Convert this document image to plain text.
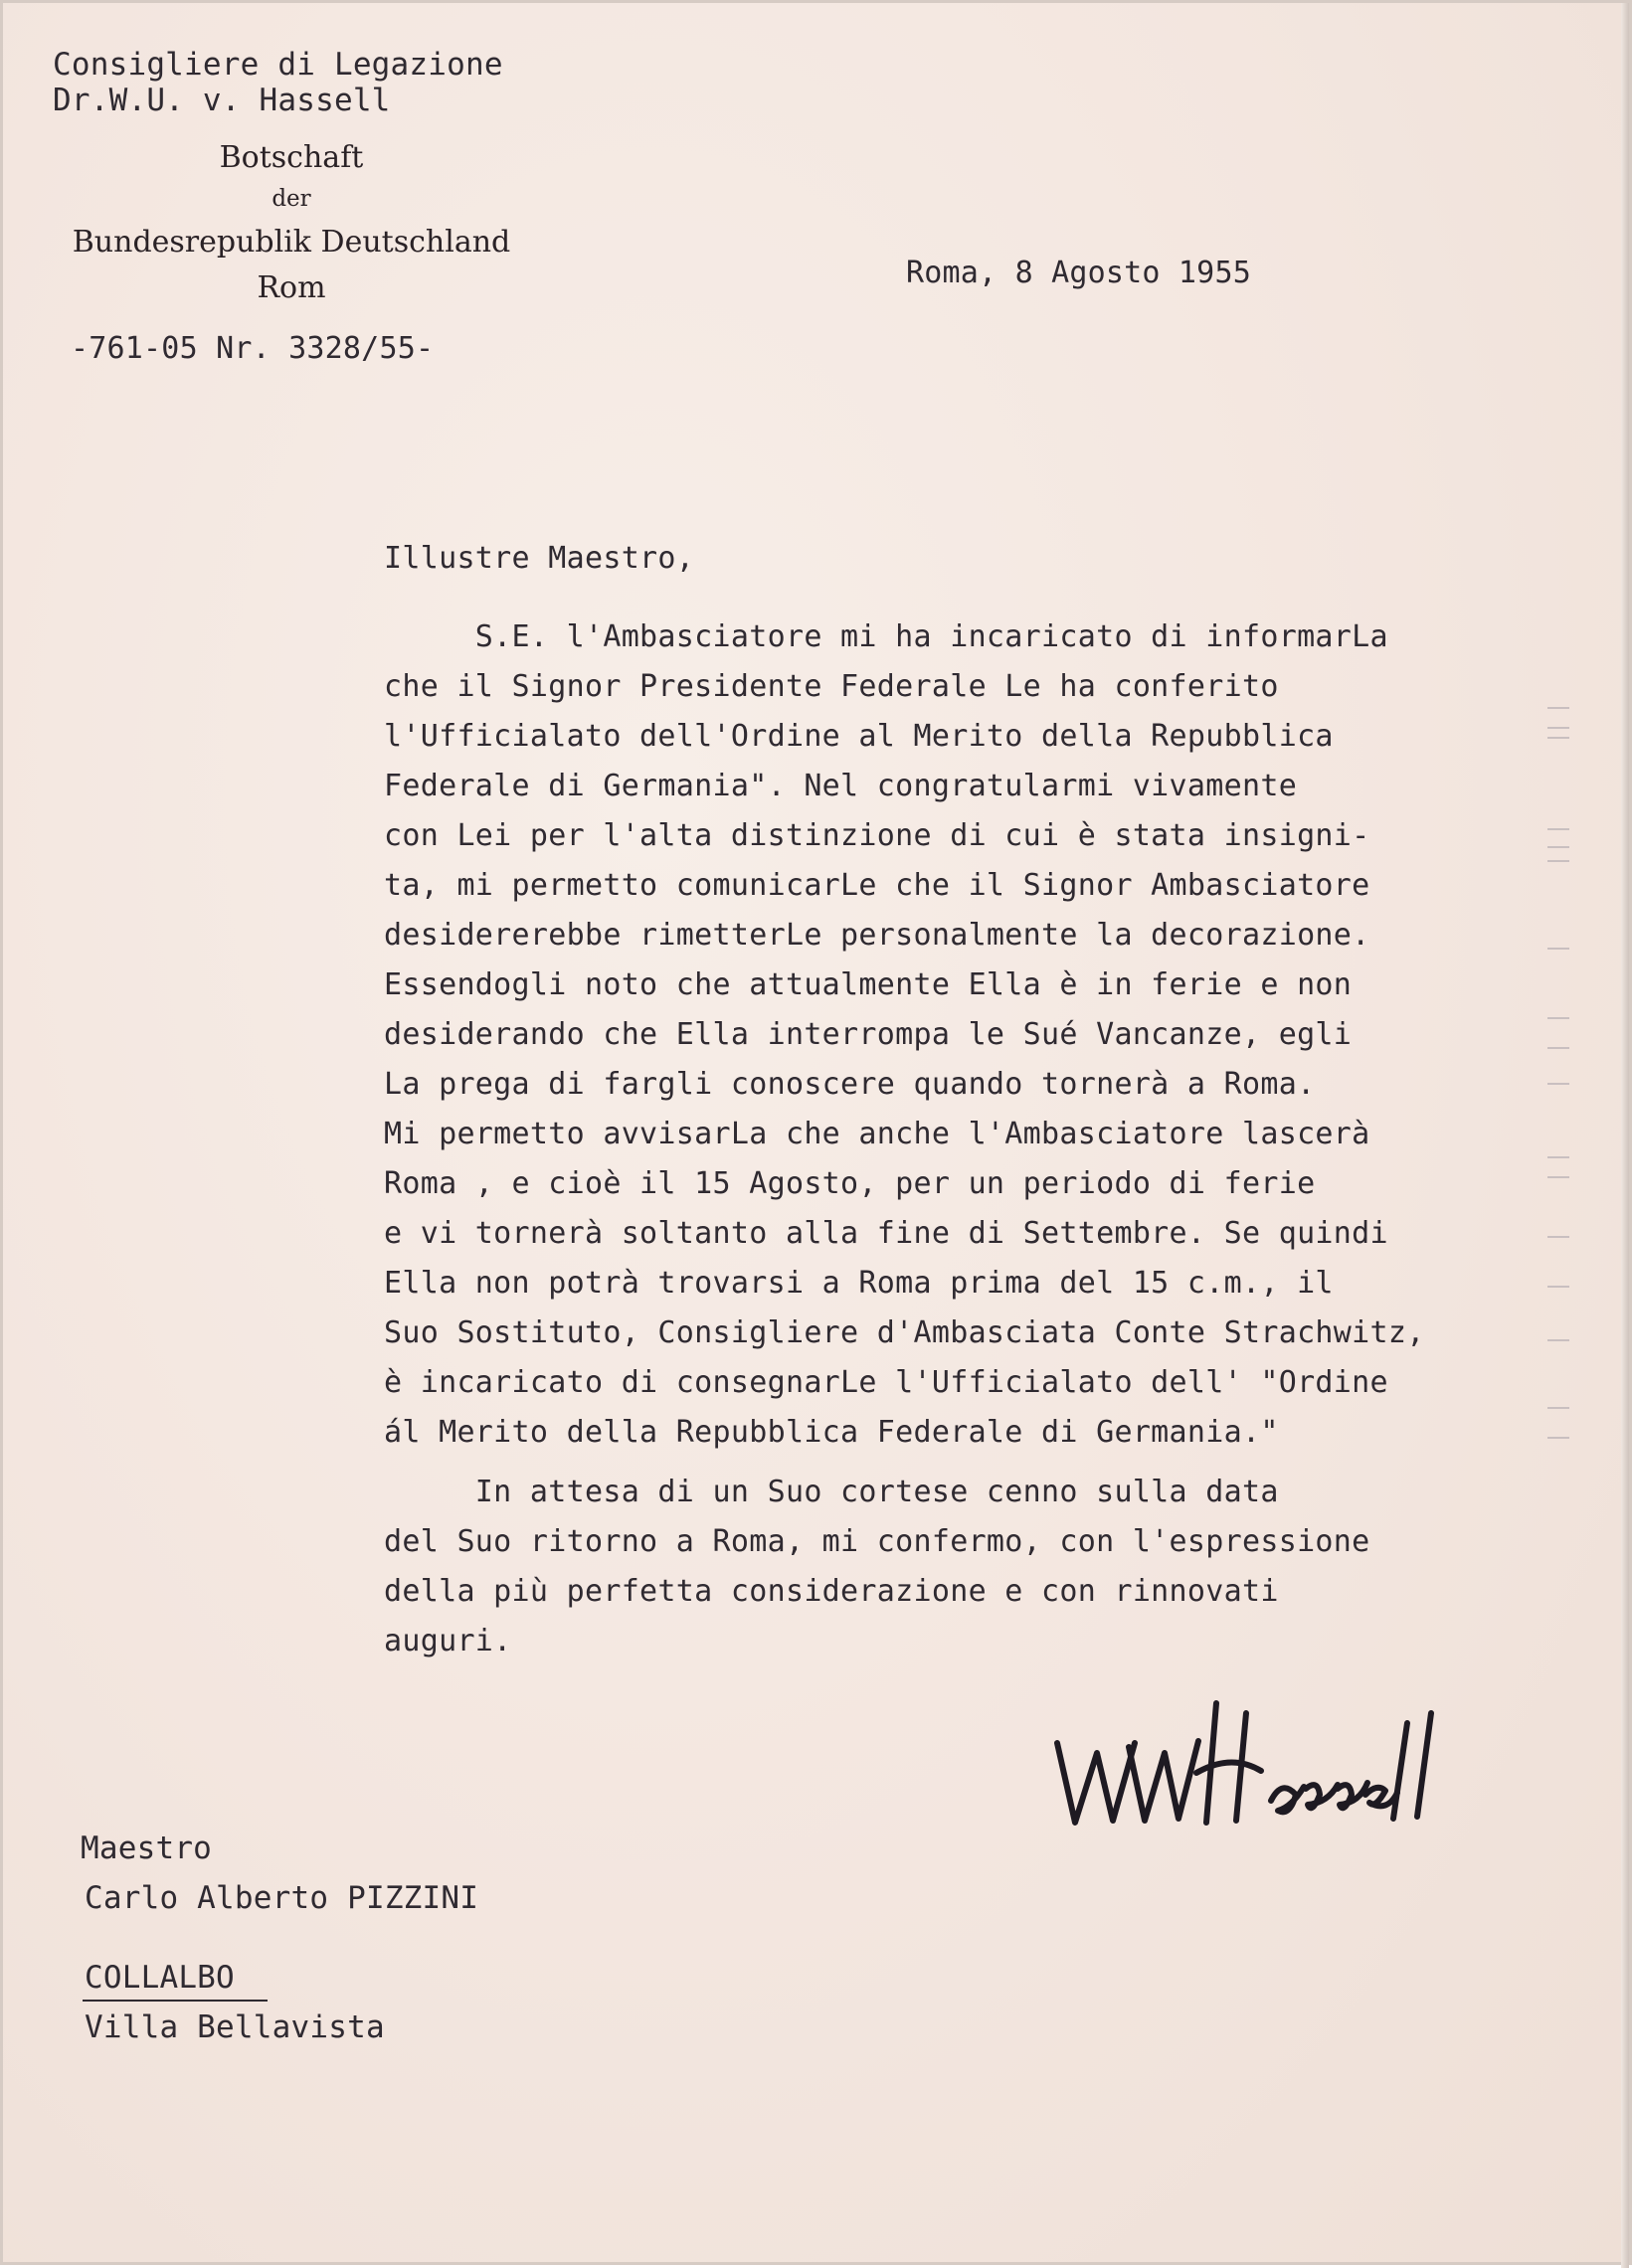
Consigliere di Legazione
Dr.W.U. v. Hassell
Botschaft
der
Bundesrepublik Deutschland
Rom
-761-05 Nr. 3328/55-
Roma, 8 Agosto 1955
Illustre Maestro,
S.E. l'Ambasciatore mi ha incaricato di informarLa
che il Signor Presidente Federale Le ha conferito
l'Ufficialato dell'Ordine al Merito della Repubblica
Federale di Germania". Nel congratularmi vivamente
con Lei per l'alta distinzione di cui è stata insigni-
ta, mi permetto comunicarLe che il Signor Ambasciatore
desidererebbe rimetterLe personalmente la decorazione.
Essendogli noto che attualmente Ella è in ferie e non
desiderando che Ella interrompa le Sué Vancanze, egli
La prega di fargli conoscere quando tornerà a Roma.
Mi permetto avvisarLa che anche l'Ambasciatore lascerà
Roma , e cioè il 15 Agosto, per un periodo di ferie
e vi tornerà soltanto alla fine di Settembre. Se quindi
Ella non potrà trovarsi a Roma prima del 15 c.m., il
Suo Sostituto, Consigliere d'Ambasciata Conte Strachwitz,
è incaricato di consegnarLe l'Ufficialato dell' "Ordine
ál Merito della Repubblica Federale di Germania."
In attesa di un Suo cortese cenno sulla data
del Suo ritorno a Roma, mi confermo, con l'espressione
della più perfetta considerazione e con rinnovati
auguri.
Maestro
Carlo Alberto PIZZINI
COLLALBO
Villa Bellavista
